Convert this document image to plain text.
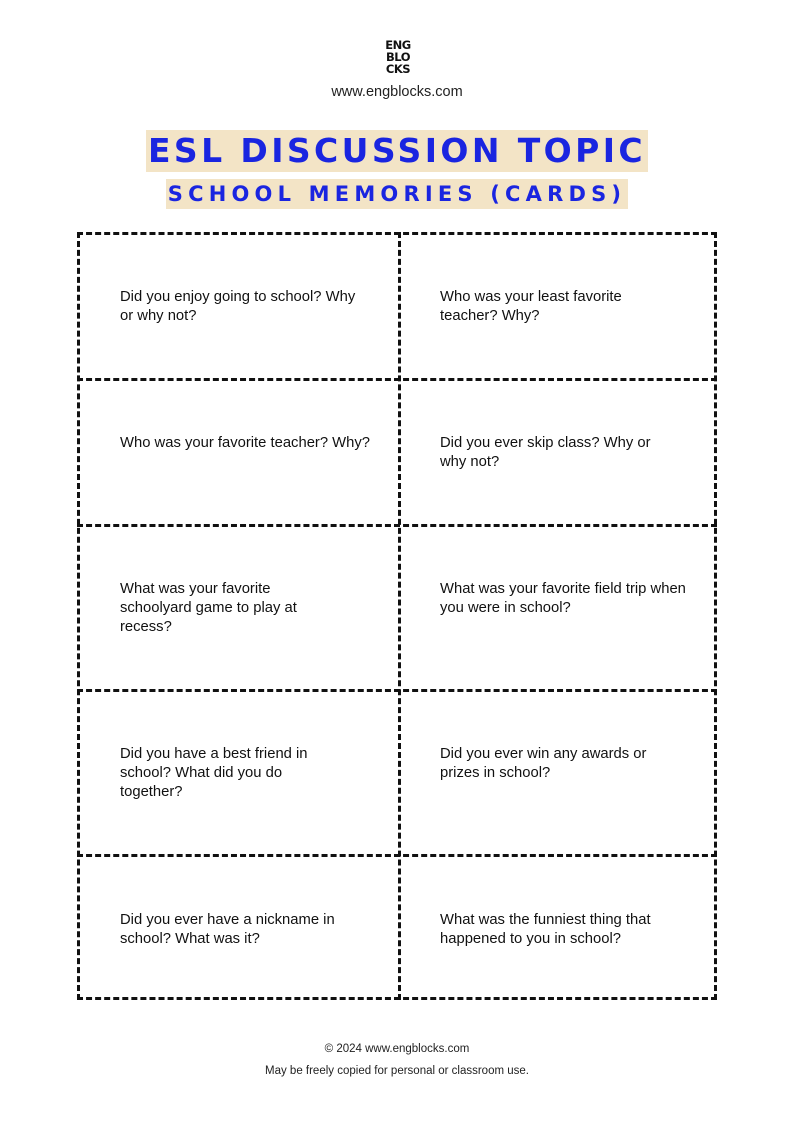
ENG
BLO
CKS
www.engblocks.com
ESL DISCUSSION TOPIC
SCHOOL MEMORIES (CARDS)
Did you enjoy going to school? Why or why not?
Who was your least favorite teacher? Why?
Who was your favorite teacher? Why?	Did you ever skip class? Why or why not?
What was your favorite schoolyard game to play at recess?
What was your favorite field trip when you were in school?
Did you have a best friend in school? What did you do together?
Did you ever win any awards or prizes in school?
Did you ever have a nickname in school? What was it?
What was the funniest thing that happened to you in school?
© 2024 www.engblocks.com
May be freely copied for personal or classroom use.
